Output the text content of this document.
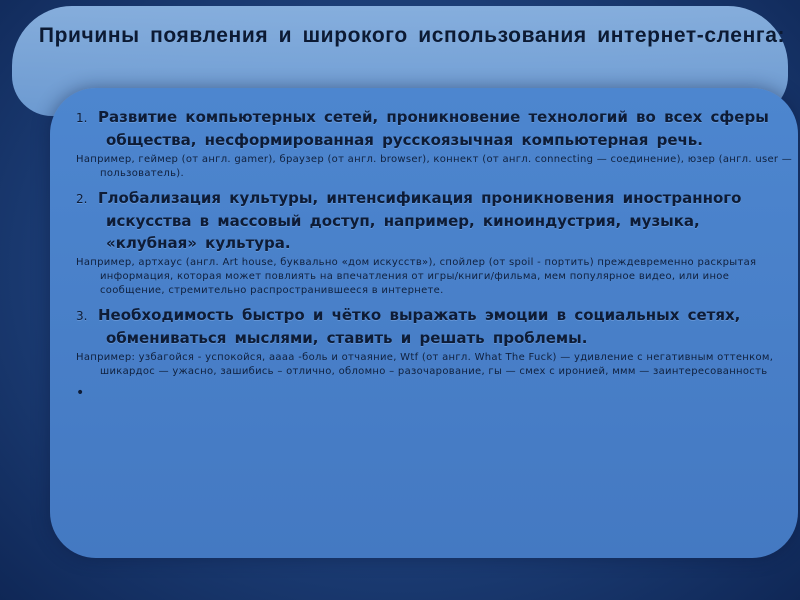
Причины появления и широкого использования интернет-сленга:

1. Развитие компьютерных сетей, проникновение технологий во всех сферы общества, несформированная русскоязычная компьютерная речь.

Например, геймер (от англ. gamer), браузер (от англ. browser), коннект (от англ. connecting — соединение), юзер (англ. user — пользователь).

2. Глобализация культуры, интенсификация проникновения иностранного искусства в массовый доступ, например, киноиндустрия, музыка, «клубная» культура.

Например, артхаус (англ. Art house, буквально «дом искусств»), спойлер (от spoil - портить) преждевременно раскрытая информация, которая может повлиять на впечатления от игры/книги/фильма, мем популярное видео, или иное сообщение, стремительно распространившееся в интернете.

3. Необходимость быстро и чётко выражать эмоции в социальных сетях, обмениваться мыслями, ставить и решать проблемы.

Например: узбагойся - успокойся, аааа -боль и отчаяние, Wtf (от англ. What The Fuck) — удивление с негативным оттенком, шикардос — ужасно, зашибись – отлично, обломно – разочарование, гы — смех с иронией, ммм — заинтересованность

•
